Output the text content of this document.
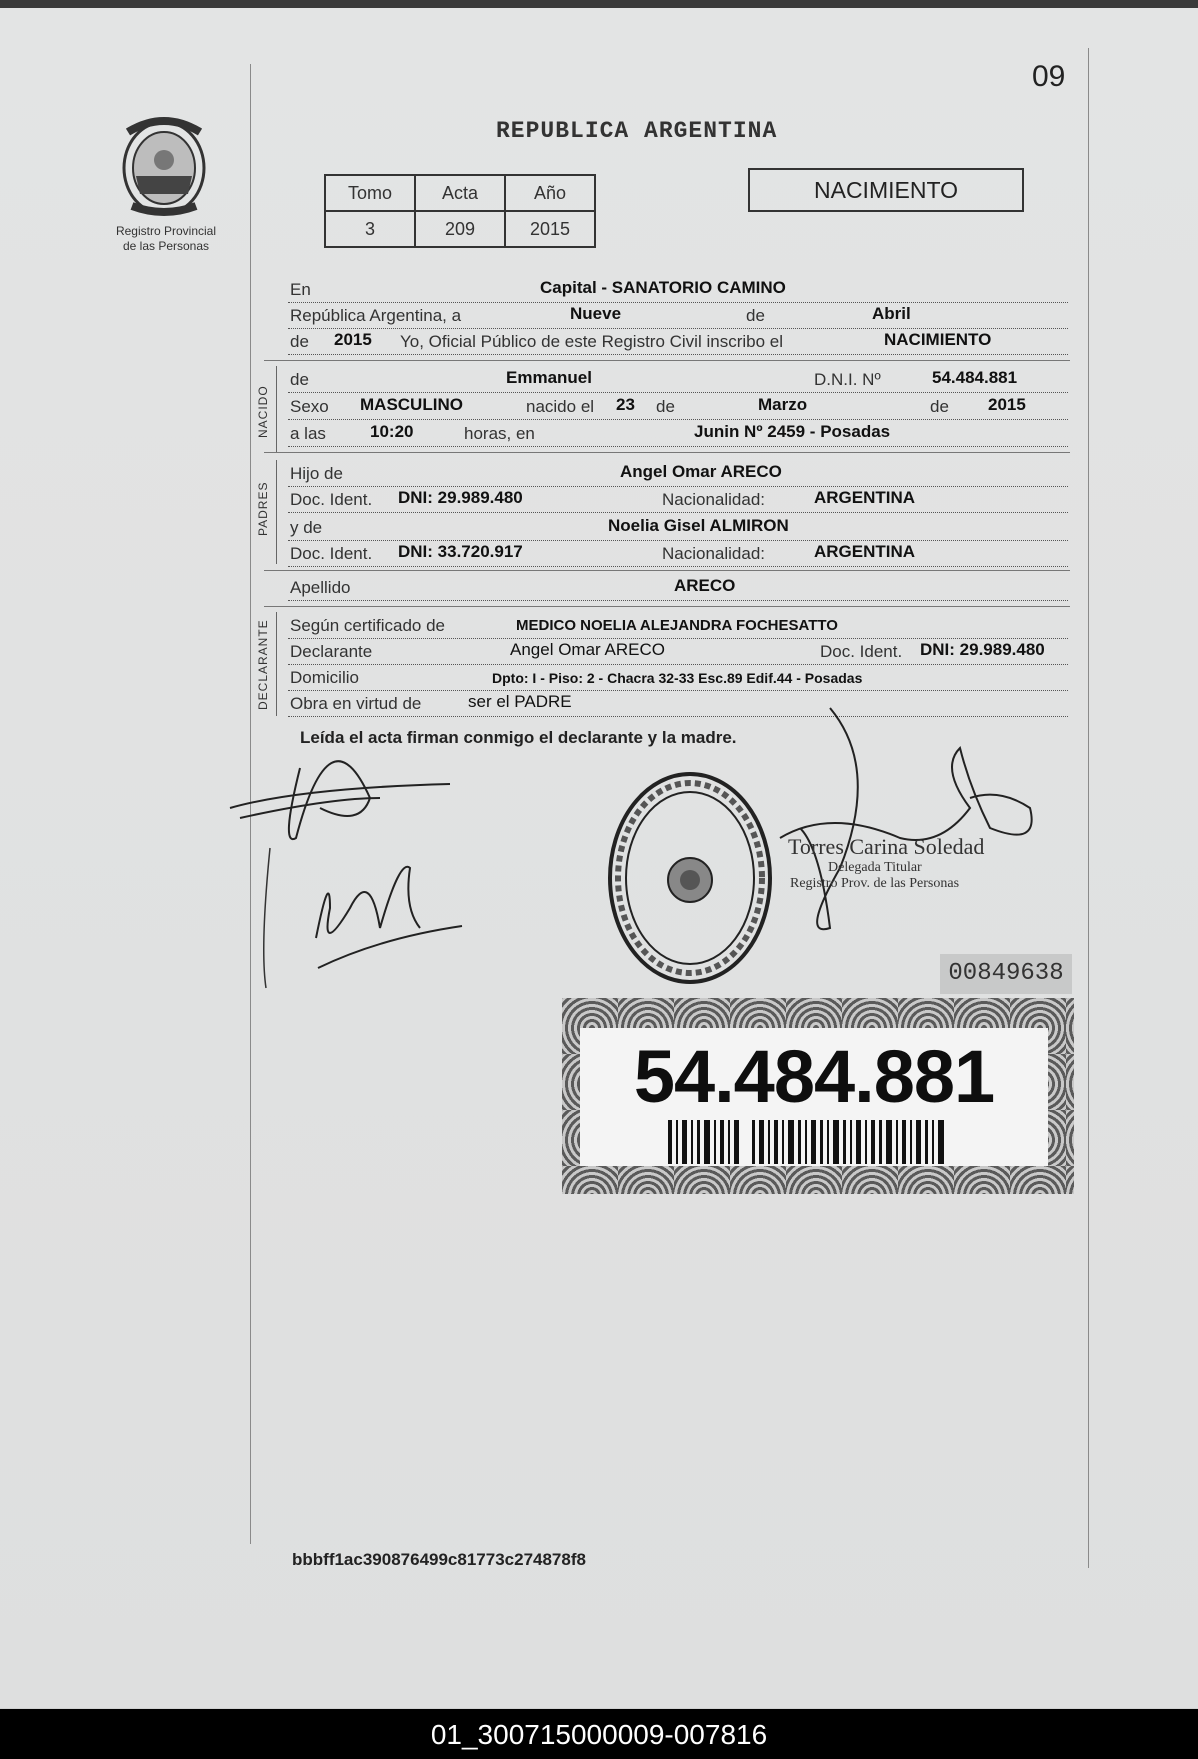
09
Registro Provincial
de las Personas
REPUBLICA ARGENTINA
Tomo	Acta	Año
3	209	2015
NACIMIENTO
En	Capital - SANATORIO CAMINO
República Argentina, a	Nueve	de	Abril
de 2015 Yo, Oficial Público de este Registro Civil inscribo el	NACIMIENTO
NACIDO
de	Emmanuel	D.N.I. Nº	54.484.881
Sexo MASCULINO	nacido el 23 de	Marzo	de 2015
a las	10:20	horas, en	Junin Nº 2459 - Posadas
PADRES
Hijo de	Angel Omar ARECO
Doc. Ident. DNI: 29.989.480	Nacionalidad:	ARGENTINA
y de	Noelia Gisel ALMIRON
Doc. Ident. DNI: 33.720.917	Nacionalidad:	ARGENTINA
Apellido	ARECO
DECLARANTE Según certificado de	MEDICO NOELIA ALEJANDRA FOCHESATTO
Declarante	Angel Omar ARECO	Doc. Ident. DNI: 29.989.480
Domicilio	Dpto: I - Piso: 2 - Chacra 32-33 Esc.89 Edif.44 - Posadas
Obra en virtud de	ser el PADRE
Leída el acta firman conmigo el declarante y la madre.
Torres Carina Soledad
Delegada Titular
Registro Prov. de las Personas
00849638
54.484.881
bbbff1ac390876499c81773c274878f8
01_300715000009-007816
